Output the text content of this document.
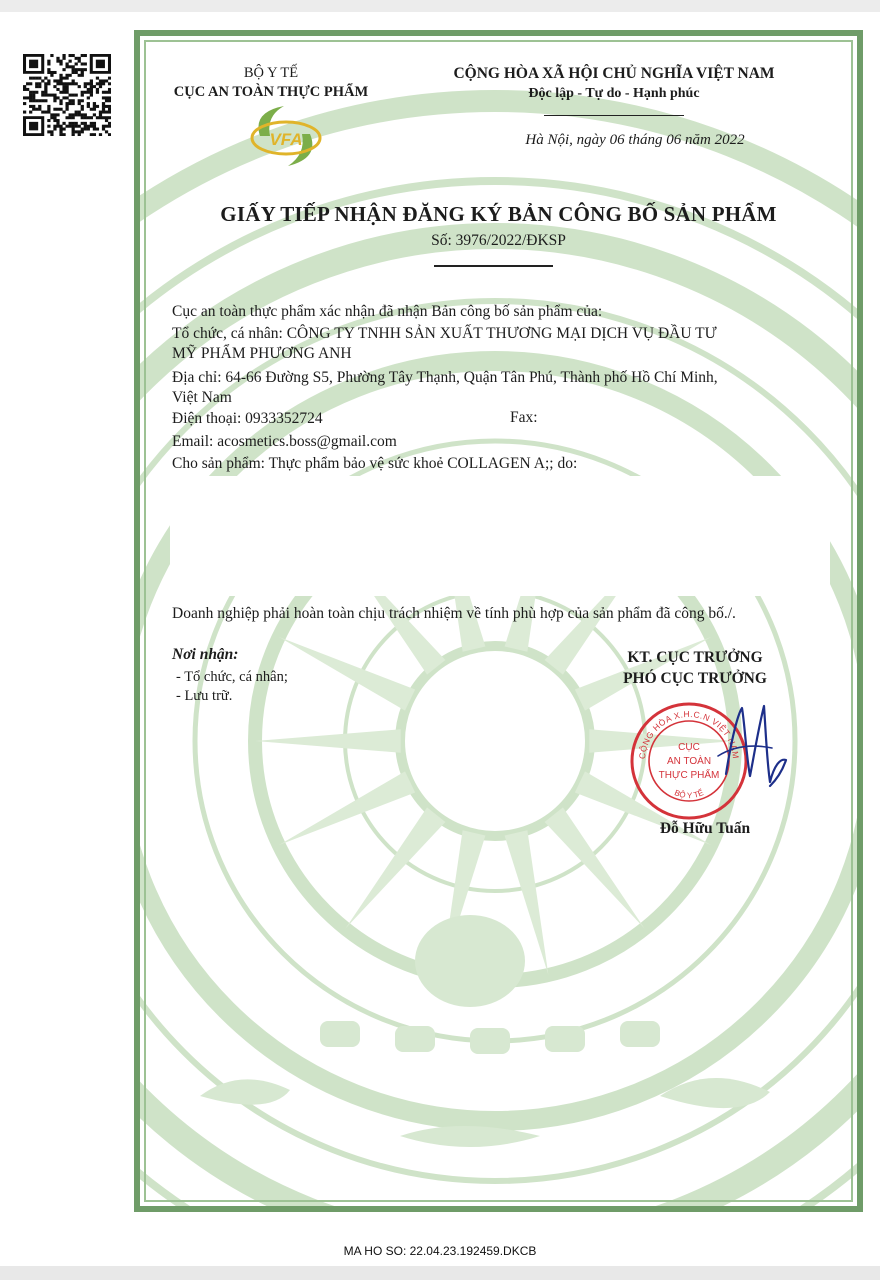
BỘ Y TẾ
CỤC AN TOÀN THỰC PHẨM
VFA
CỘNG HÒA XÃ HỘI CHỦ NGHĨA VIỆT NAM
Độc lập - Tự do - Hạnh phúc
Hà Nội, ngày 06 tháng 06 năm 2022
GIẤY TIẾP NHẬN ĐĂNG KÝ BẢN CÔNG BỐ SẢN PHẨM
Số: 3976/2022/ĐKSP
Cục an toàn thực phẩm xác nhận đã nhận Bản công bố sản phẩm của:
Tổ chức, cá nhân: CÔNG TY TNHH SẢN XUẤT THƯƠNG MẠI DỊCH VỤ ĐẦU TƯ
MỸ PHẨM PHƯƠNG ANH
Địa chỉ: 64-66 Đường S5, Phường Tây Thạnh, Quận Tân Phú, Thành phố Hồ Chí Minh,
Việt Nam
Điện thoại: 0933352724	Fax:
Email: acosmetics.boss@gmail.com
Cho sản phẩm: Thực phẩm bảo vệ sức khoẻ COLLAGEN A;; do:
Doanh nghiệp phải hoàn toàn chịu trách nhiệm về tính phù hợp của sản phẩm đã công bố./.
Nơi nhận:
- Tổ chức, cá nhân;
- Lưu trữ.
KT. CỤC TRƯỞNG
PHÓ CỤC TRƯỞNG
CỘNG HÒA X.H.C.N VIỆT NAM
BỘ Y TẾ
CỤC
AN TOÀN
THỰC PHẨM
Đỗ Hữu Tuấn
MA HO SO: 22.04.23.192459.DKCB
